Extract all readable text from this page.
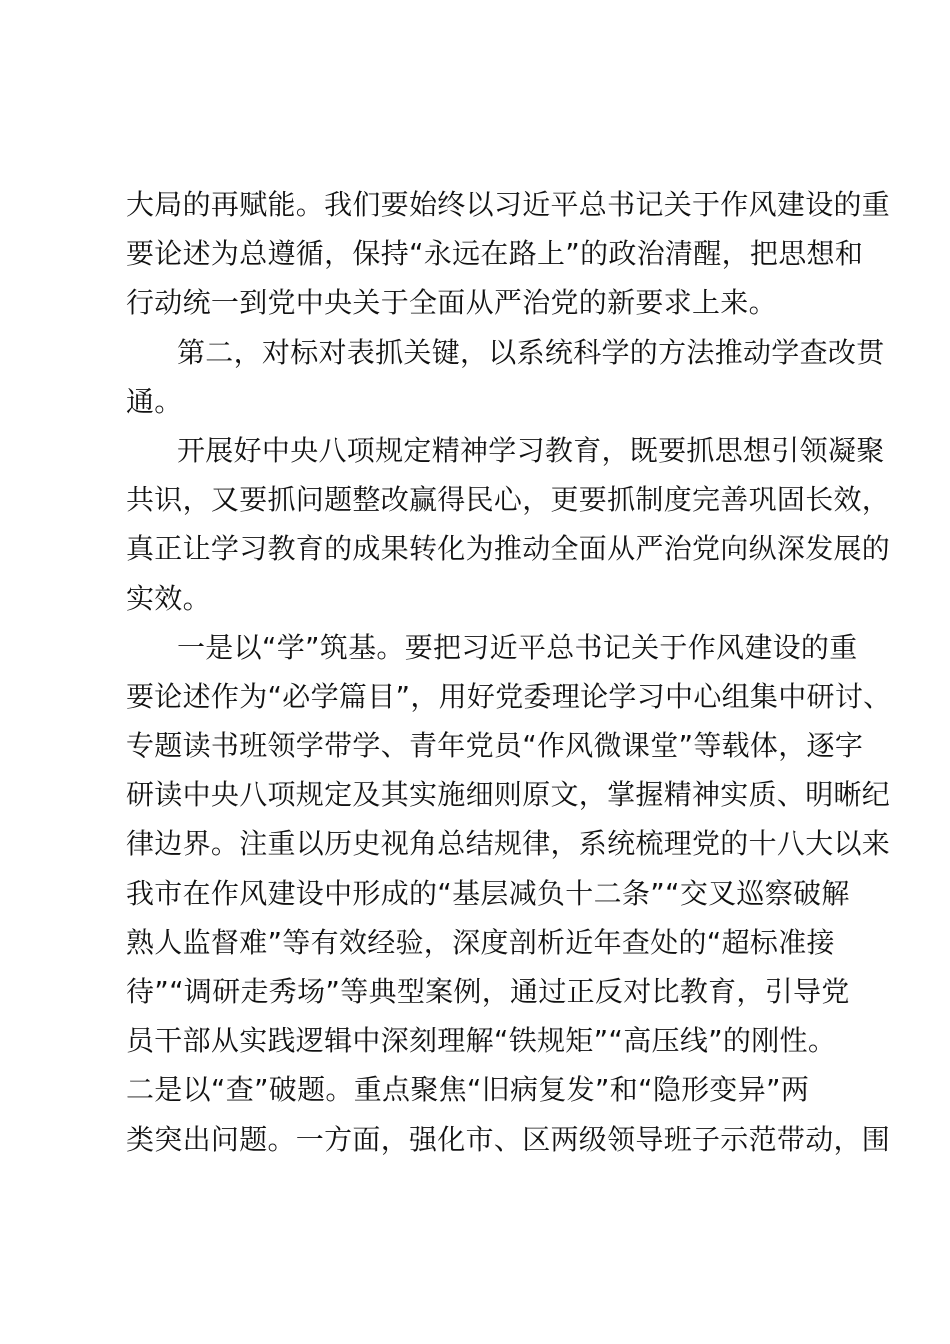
大局的再赋能。我们要始终以习近平总书记关于作风建设的重
要论述为总遵循，保持“永远在路上”的政治清醒，把思想和
行动统一到党中央关于全面从严治党的新要求上来。
第二，对标对表抓关键，以系统科学的方法推动学查改贯
通。
开展好中央八项规定精神学习教育，既要抓思想引领凝聚
共识，又要抓问题整改赢得民心，更要抓制度完善巩固长效，
真正让学习教育的成果转化为推动全面从严治党向纵深发展的
实效。
一是以“学”筑基。要把习近平总书记关于作风建设的重
要论述作为“必学篇目”，用好党委理论学习中心组集中研讨、
专题读书班领学带学、青年党员“作风微课堂”等载体，逐字
研读中央八项规定及其实施细则原文，掌握精神实质、明晰纪
律边界。注重以历史视角总结规律，系统梳理党的十八大以来
我市在作风建设中形成的“基层减负十二条”“交叉巡察破解
熟人监督难”等有效经验，深度剖析近年查处的“超标准接
待”“调研走秀场”等典型案例，通过正反对比教育，引导党
员干部从实践逻辑中深刻理解“铁规矩”“高压线”的刚性。
二是以“查”破题。重点聚焦“旧病复发”和“隐形变异”两
类突出问题。一方面，强化市、区两级领导班子示范带动，围
